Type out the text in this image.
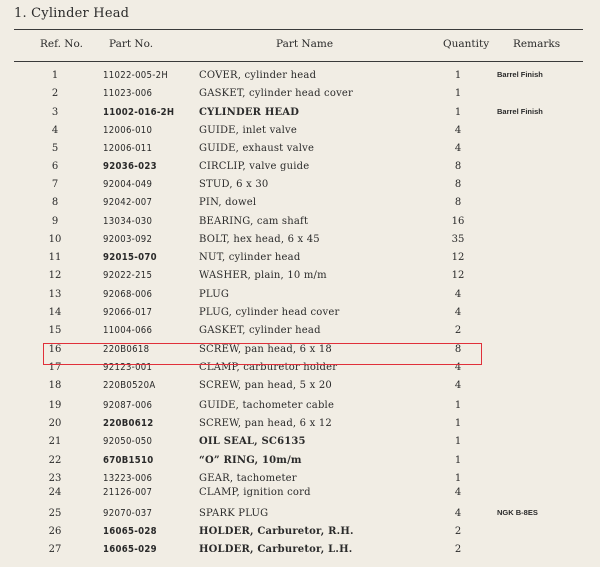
1. Cylinder Head
Ref. No. Part No.	Part Name	Quantity Remarks
1	11022-005-2H	COVER, cylinder head	1	Barrel Finish
2	11023-006	GASKET, cylinder head cover	1
3	11002-016-2H CYLINDER HEAD	1	Barrel Finish
4	12006-010	GUIDE, inlet valve	4
5	12006-011	GUIDE, exhaust valve	4
6	92036-023	CIRCLIP, valve guide	8
7	92004-049	STUD, 6 x 30	8
8	92042-007	PIN, dowel	8
9	13034-030	BEARING, cam shaft	16
10	92003-092	BOLT, hex head, 6 x 45	35
11	92015-070	NUT, cylinder head	12
12	92022-215	WASHER, plain, 10 m/m	12
13	92068-006	PLUG	4
14	92066-017	PLUG, cylinder head cover	4
15	11004-066	GASKET, cylinder head	2
16	220B0618	SCREW, pan head, 6 x 18	8
17	92123-001	CLAMP, carburetor holder	4
18	220B0520A	SCREW, pan head, 5 x 20	4
19	92087-006	GUIDE, tachometer cable	1
20	220B0612	SCREW, pan head, 6 x 12	1
21	92050-050	OIL SEAL, SC6135	1
22	670B1510	“O” RING, 10m/m	1
23	13223-006	GEAR, tachometer	1
24	21126-007	CLAMP, ignition cord	4
25	92070-037	SPARK PLUG	4	NGK B-8ES
26	16065-028	HOLDER, Carburetor, R.H.	2
27	16065-029	HOLDER, Carburetor, L.H.	2
